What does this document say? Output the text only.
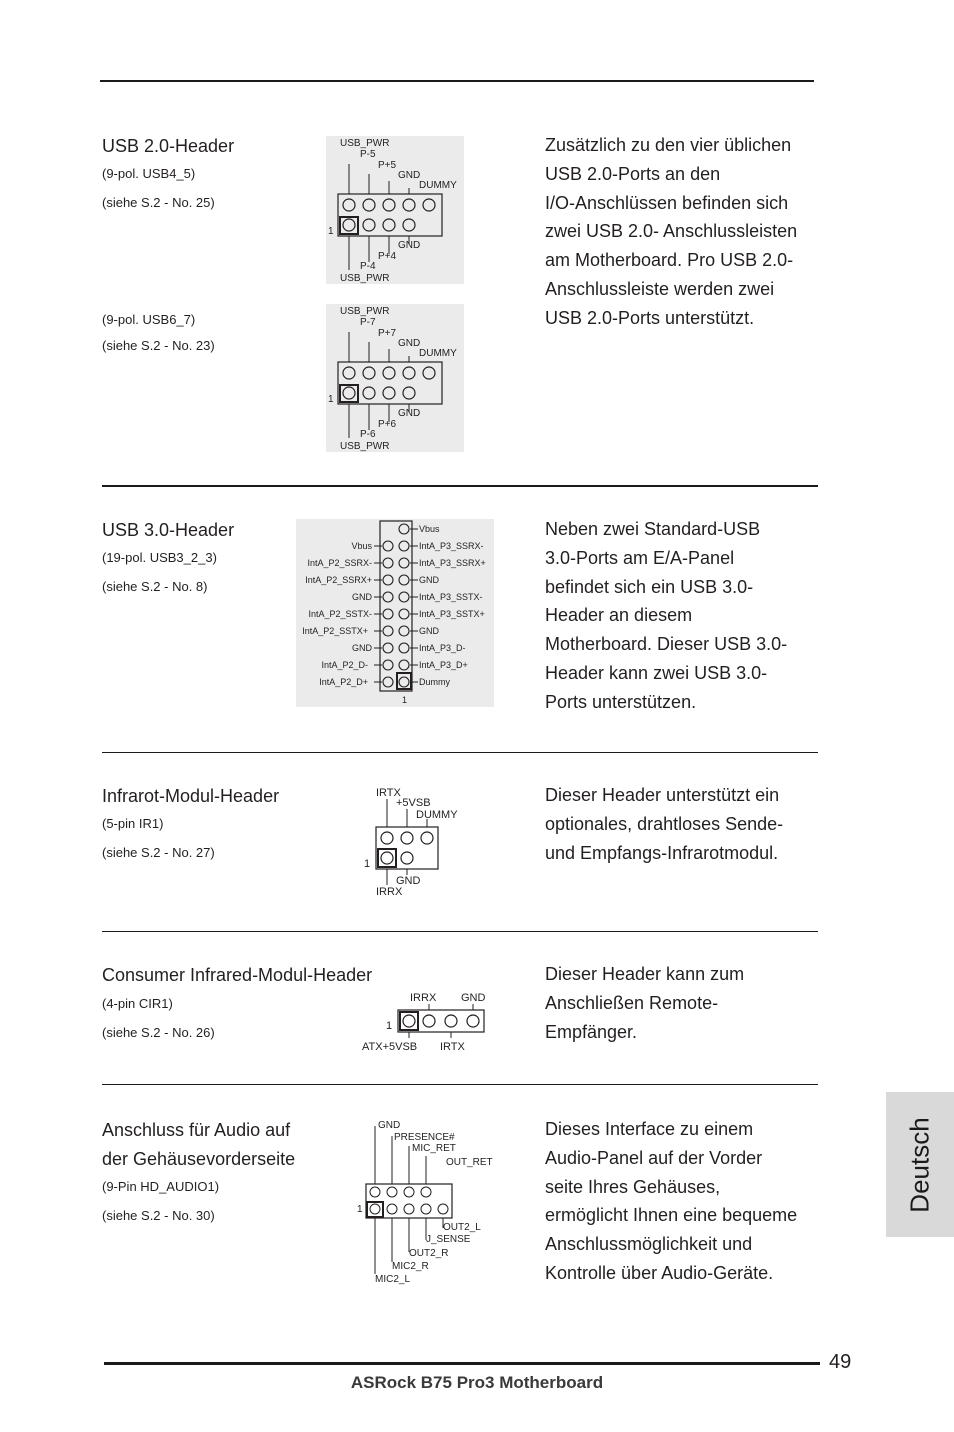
USB 2.0-Header
(9-pol. USB4_5)
(siehe S.2 - No. 25)
(9-pol. USB6_7)
(siehe S.2 - No. 23)

Zusätzlich zu den vier üblichen

USB 2.0-Ports an den

I/O-Anschlüssen befinden sich

zwei USB 2.0- Anschlussleisten

am Motherboard. Pro USB 2.0-

Anschlussleiste werden zwei

USB 2.0-Ports unterstützt.

USB_PWR
P-5
P+5
GND
DUMMY
1
GND
P+4
P-4
USB_PWR
USB_PWR
P-7
P+7
GND
DUMMY
1
GND
P+6
P-6
USB_PWR
USB 3.0-Header
(19-pol. USB3_2_3)
(siehe S.2 - No. 8)

Neben zwei Standard-USB

3.0-Ports am E/A-Panel

befindet sich ein USB 3.0-

Header an diesem

Motherboard. Dieser USB 3.0-

Header kann zwei USB 3.0-

Ports unterstützen.

Vbus
IntA_P2_SSRX-
IntA_P2_SSRX+
GND
IntA_P2_SSTX-
IntA_P2_SSTX+
GND
IntA_P2_D-
IntA_P2_D+
Vbus
IntA_P3_SSRX-
IntA_P3_SSRX+
GND
IntA_P3_SSTX-
IntA_P3_SSTX+
GND
IntA_P3_D-
IntA_P3_D+
Dummy
1
Infrarot-Modul-Header
(5-pin IR1)
(siehe S.2 - No. 27)

Dieser Header unterstützt ein

optionales, drahtloses Sende-

und Empfangs-Infrarotmodul.

IRTX
+5VSB
DUMMY
1
GND
IRRX
Consumer Infrared-Modul-Header
(4-pin CIR1)
(siehe S.2 - No. 26)

Dieser Header kann zum

Anschließen Remote-

Empfänger.

IRRX GND
1
ATX+5VSB IRTX
Anschluss für Audio auf
der Gehäusevorderseite
(9-Pin HD_AUDIO1)
(siehe S.2 - No. 30)

Dieses Interface zu einem

Audio-Panel auf der Vorder

seite Ihres Gehäuses,

ermöglicht Ihnen eine bequeme

Anschlussmöglichkeit und

Kontrolle über Audio-Geräte.

GND
PRESENCE#
MIC_RET
OUT_RET
1
OUT2_L
J_SENSE
OUT2_R
MIC2_R
MIC2_L
Deutsch
49
ASRock B75 Pro3 Motherboard
